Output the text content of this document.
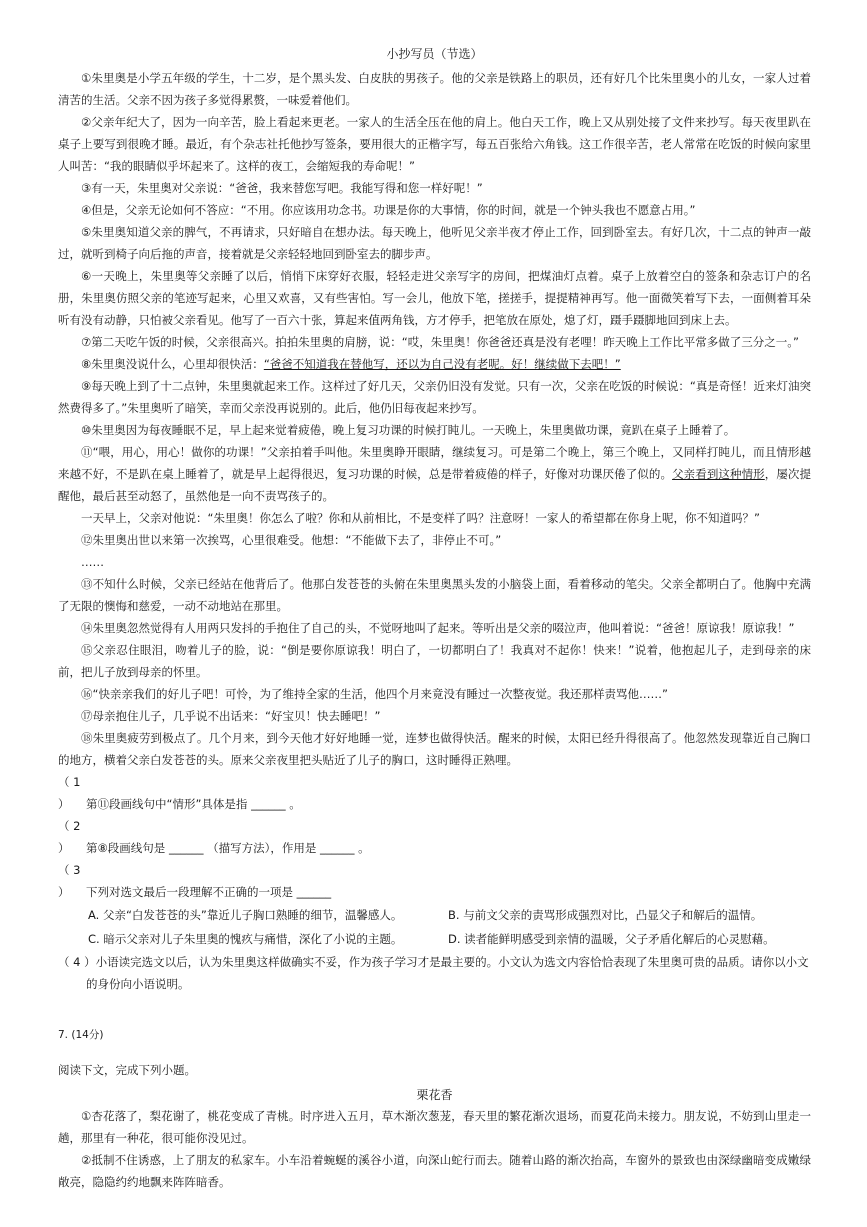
小抄写员（节选）

①朱里奥是小学五年级的学生，十二岁，是个黑头发、白皮肤的男孩子。他的父亲是铁路上的职员，还有好几个比朱里奥小的儿女，一家人过着清苦的生活。父亲不因为孩子多觉得累赘，一味爱着他们。

②父亲年纪大了，因为一向辛苦，脸上看起来更老。一家人的生活全压在他的肩上。他白天工作，晚上又从别处接了文件来抄写。每天夜里趴在桌子上要写到很晚才睡。最近，有个杂志社托他抄写签条，要用很大的正楷字写，每五百张给六角钱。这工作很辛苦，老人常常在吃饭的时候向家里人叫苦：“我的眼睛似乎坏起来了。这样的夜工，会缩短我的寿命呢！”

③有一天，朱里奥对父亲说：“爸爸，我来替您写吧。我能写得和您一样好呢！”

④但是，父亲无论如何不答应：“不用。你应该用功念书。功课是你的大事情，你的时间，就是一个钟头我也不愿意占用。”

⑤朱里奥知道父亲的脾气，不再请求，只好暗自在想办法。每天晚上，他听见父亲半夜才停止工作，回到卧室去。有好几次，十二点的钟声一敲过，就听到椅子向后拖的声音，接着就是父亲轻轻地回到卧室去的脚步声。

⑥一天晚上，朱里奥等父亲睡了以后，悄悄下床穿好衣服，轻轻走进父亲写字的房间，把煤油灯点着。桌子上放着空白的签条和杂志订户的名册，朱里奥仿照父亲的笔迹写起来，心里又欢喜，又有些害怕。写一会儿，他放下笔，搓搓手，提提精神再写。他一面微笑着写下去，一面侧着耳朵听有没有动静，只怕被父亲看见。他写了一百六十张，算起来值两角钱，方才停手，把笔放在原处，熄了灯，蹑手蹑脚地回到床上去。

⑦第二天吃午饭的时候，父亲很高兴。拍拍朱里奥的肩膀，说：“哎，朱里奥！你爸爸还真是没有老哩！昨天晚上工作比平常多做了三分之一。”

⑧朱里奥没说什么，心里却很快活：“爸爸不知道我在替他写，还以为自己没有老呢。好！继续做下去吧！”

⑨每天晚上到了十二点钟，朱里奥就起来工作。这样过了好几天，父亲仍旧没有发觉。只有一次，父亲在吃饭的时候说：“真是奇怪！近来灯油突然费得多了。”朱里奥听了暗笑，幸而父亲没再说别的。此后，他仍旧每夜起来抄写。

⑩朱里奥因为每夜睡眠不足，早上起来觉着疲倦，晚上复习功课的时候打盹儿。一天晚上，朱里奥做功课，竟趴在桌子上睡着了。

⑪“喂，用心，用心！做你的功课！”父亲拍着手叫他。朱里奥睁开眼睛，继续复习。可是第二个晚上，第三个晚上，又同样打盹儿，而且情形越来越不好，不是趴在桌上睡着了，就是早上起得很迟，复习功课的时候，总是带着疲倦的样子，好像对功课厌倦了似的。父亲看到这种情形，屡次提醒他，最后甚至动怒了，虽然他是一向不责骂孩子的。

一天早上，父亲对他说：“朱里奥！你怎么了啦？你和从前相比，不是变样了吗？注意呀！一家人的希望都在你身上呢，你不知道吗？”

⑫朱里奥出世以来第一次挨骂，心里很难受。他想：“不能做下去了，非停止不可。”

……

⑬不知什么时候，父亲已经站在他背后了。他那白发苍苍的头俯在朱里奥黑头发的小脑袋上面，看着移动的笔尖。父亲全都明白了。他胸中充满了无限的懊悔和慈爱，一动不动地站在那里。

⑭朱里奥忽然觉得有人用两只发抖的手抱住了自己的头，不觉呀地叫了起来。等听出是父亲的啜泣声，他叫着说：“爸爸！原谅我！原谅我！”

⑮父亲忍住眼泪，吻着儿子的脸，说：“倒是要你原谅我！明白了，一切都明白了！我真对不起你！快来！”说着，他抱起儿子，走到母亲的床前，把儿子放到母亲的怀里。

⑯“快亲亲我们的好儿子吧！可怜，为了维持全家的生活，他四个月来竟没有睡过一次整夜觉。我还那样责骂他……”

⑰母亲抱住儿子，几乎说不出话来：“好宝贝！快去睡吧！”

⑱朱里奥疲劳到极点了。几个月来，到今天他才好好地睡一觉，连梦也做得快活。醒来的时候，太阳已经升得很高了。他忽然发现靠近自己胸口的地方，横着父亲白发苍苍的头。原来父亲夜里把头贴近了儿子的胸口，这时睡得正熟哩。

（ 1 ） 第⑪段画线句中“情形”具体是指 ______ 。

（ 2 ） 第⑧段画线句是 ______ （描写方法），作用是 ______ 。

（ 3 ） 下列对选文最后一段理解不正确的一项是 ______

A. 父亲“白发苍苍的头”靠近儿子胸口熟睡的细节，温馨感人。	B. 与前文父亲的责骂形成强烈对比，凸显父子和解后的温情。
C. 暗示父亲对儿子朱里奥的愧疚与痛惜，深化了小说的主题。	D. 读者能鲜明感受到亲情的温暖，父子矛盾化解后的心灵慰藉。

（ 4 ）小语读完选文以后，认为朱里奥这样做确实不妥，作为孩子学习才是最主要的。小文认为选文内容恰恰表现了朱里奥可贵的品质。请你以小文的身份向小语说明。

7. (14分)
阅读下文，完成下列小题。
栗花香

①杏花落了，梨花谢了，桃花变成了青桃。时序进入五月，草木渐次葱茏，春天里的繁花渐次退场，而夏花尚未接力。朋友说，不妨到山里走一趟，那里有一种花，很可能你没见过。

②抵制不住诱惑，上了朋友的私家车。小车沿着蜿蜒的溪谷小道，向深山蛇行而去。随着山路的渐次抬高，车窗外的景致也由深绿幽暗变成嫩绿敞亮，隐隐约约地飘来阵阵暗香。
